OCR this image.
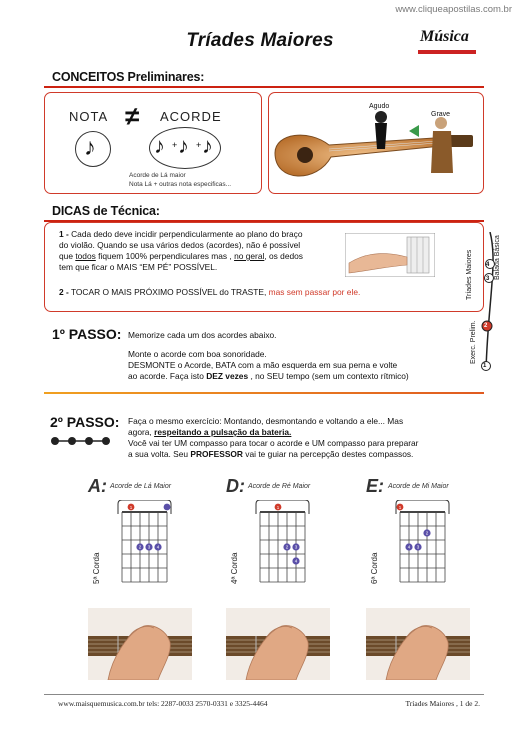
www.cliqueapostilas.com.br
Tríades Maiores	Música
CONCEITOS Preliminares:
NOTA ≠ ACORDE
♪	♪ + ♪ + ♪
Acorde de Lá maior
Nota Lá + outras nota especificas...
Agudo
Grave
DICAS de Técnica:
1 - Cada dedo deve incidir perpendicularmente ao plano do braço
do violão. Quando se usa vários dedos (acordes), não é possível
que todos fiquem 100% perpendiculares mas , no geral, os dedos
tem que ficar o MAIS “EM PÉ” POSSÍVEL.
2 - TOCAR O MAIS PRÓXIMO POSSÍVEL do TRASTE, mas sem passar por ele.
4
3
2
1
Balada Básica
Tríades Maiores
Exerc. Prelim.
1º PASSO: Memorize cada um dos acordes abaixo.
Monte o acorde com boa sonoridade.
DESMONTE o Acorde, BATA com a mão esquerda em sua perna e volte
ao acorde. Faça isto DEZ vezes , no SEU tempo (sem um contexto rítmico)
2º PASSO: Faça o mesmo exercício: Montando, desmontando e voltando a ele... Mas
agora, respeitando a pulsação da bateria.
Você vai ter UM compasso para tocar o acorde e UM compasso para preparar
a sua volta. Seu PROFESSOR vai te guiar na percepção destes compassos.
A: Acorde de Lá Maior
1
2 3 4
5ª Corda
D: Acorde de Ré Maior
1
2 3
4
4ª Corda
E: Acorde de Mi Maior
1
2
3
4
6ª Corda
www.maisquemusica.com.br tels: 2287-0033 2570-0331 e 3325-4464	Tríades Maiores , 1 de 2.
